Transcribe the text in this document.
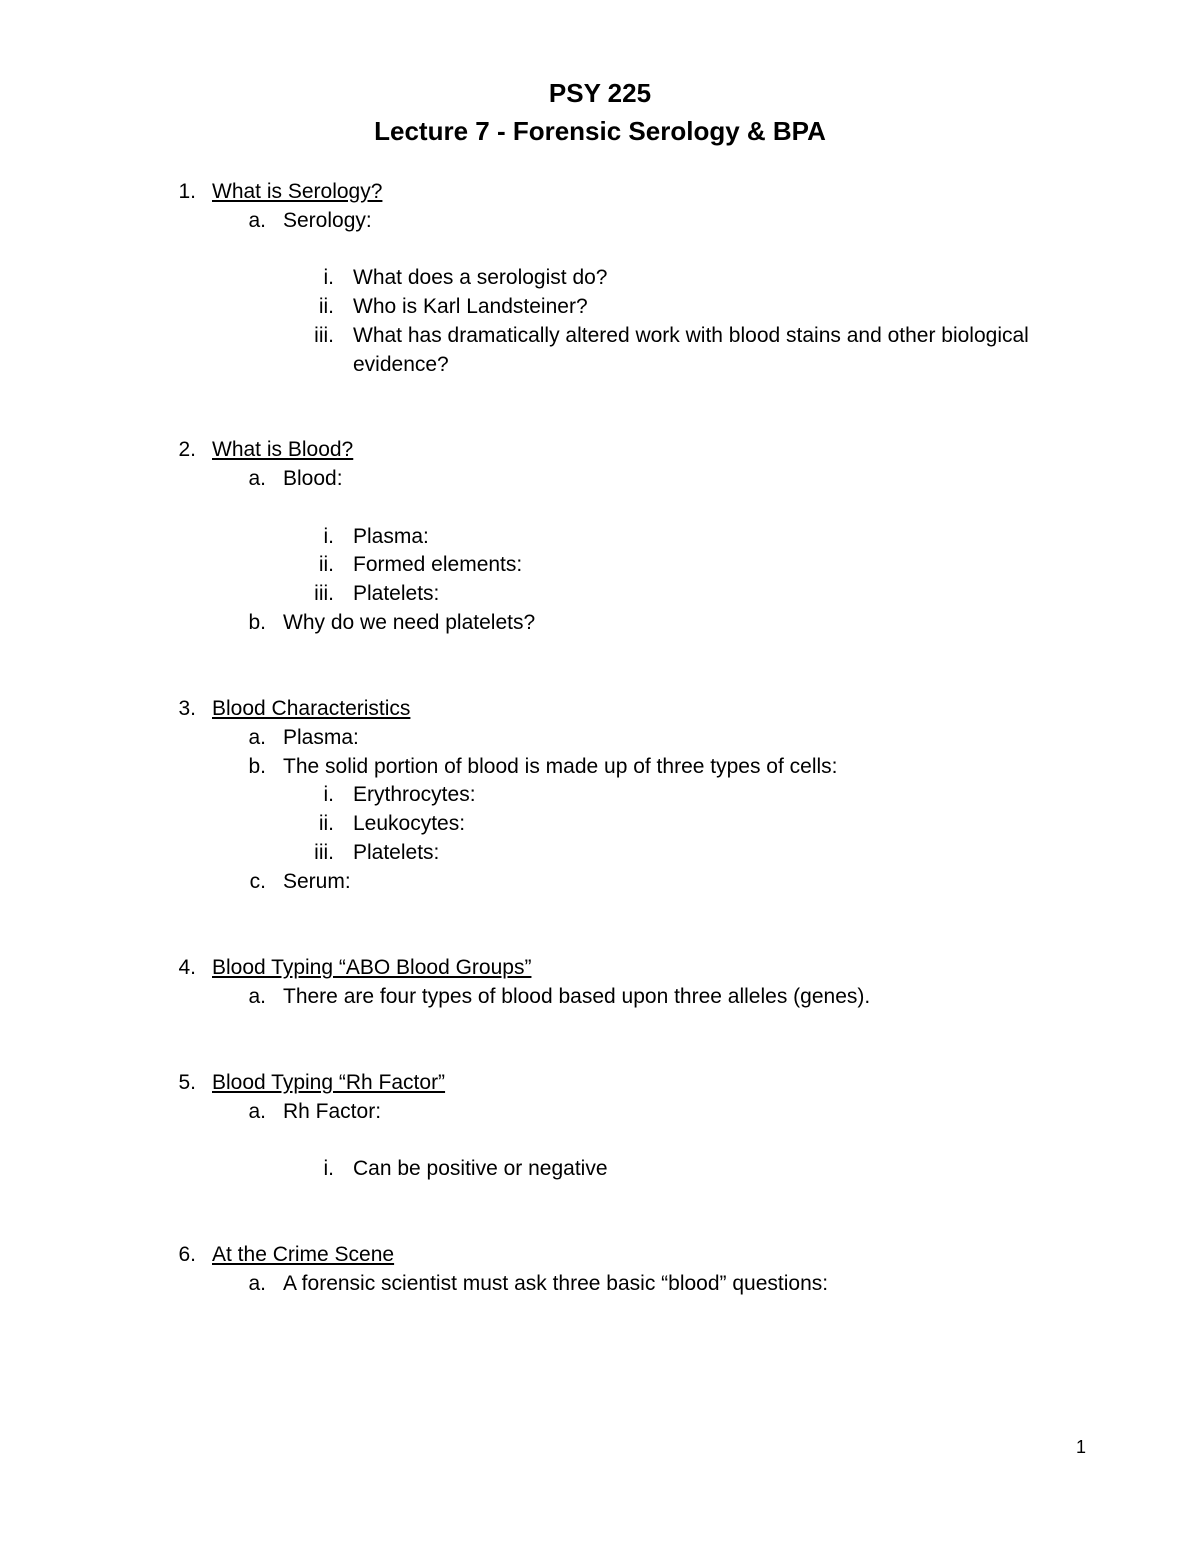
PSY 225
Lecture 7 - Forensic Serology & BPA
1. What is Serology?
a. Serology:
i. What does a serologist do?
ii. Who is Karl Landsteiner?
iii. What has dramatically altered work with blood stains and other biological
evidence?
2. What is Blood?
a. Blood:
i. Plasma:
ii. Formed elements:
iii. Platelets:
b. Why do we need platelets?
3. Blood Characteristics
a. Plasma:
b. The solid portion of blood is made up of three types of cells:
i. Erythrocytes:
ii. Leukocytes:
iii. Platelets:
c. Serum:
4. Blood Typing “ABO Blood Groups”
a. There are four types of blood based upon three alleles (genes).
5. Blood Typing “Rh Factor”
a. Rh Factor:
i. Can be positive or negative
6. At the Crime Scene
a. A forensic scientist must ask three basic “blood” questions:
1
